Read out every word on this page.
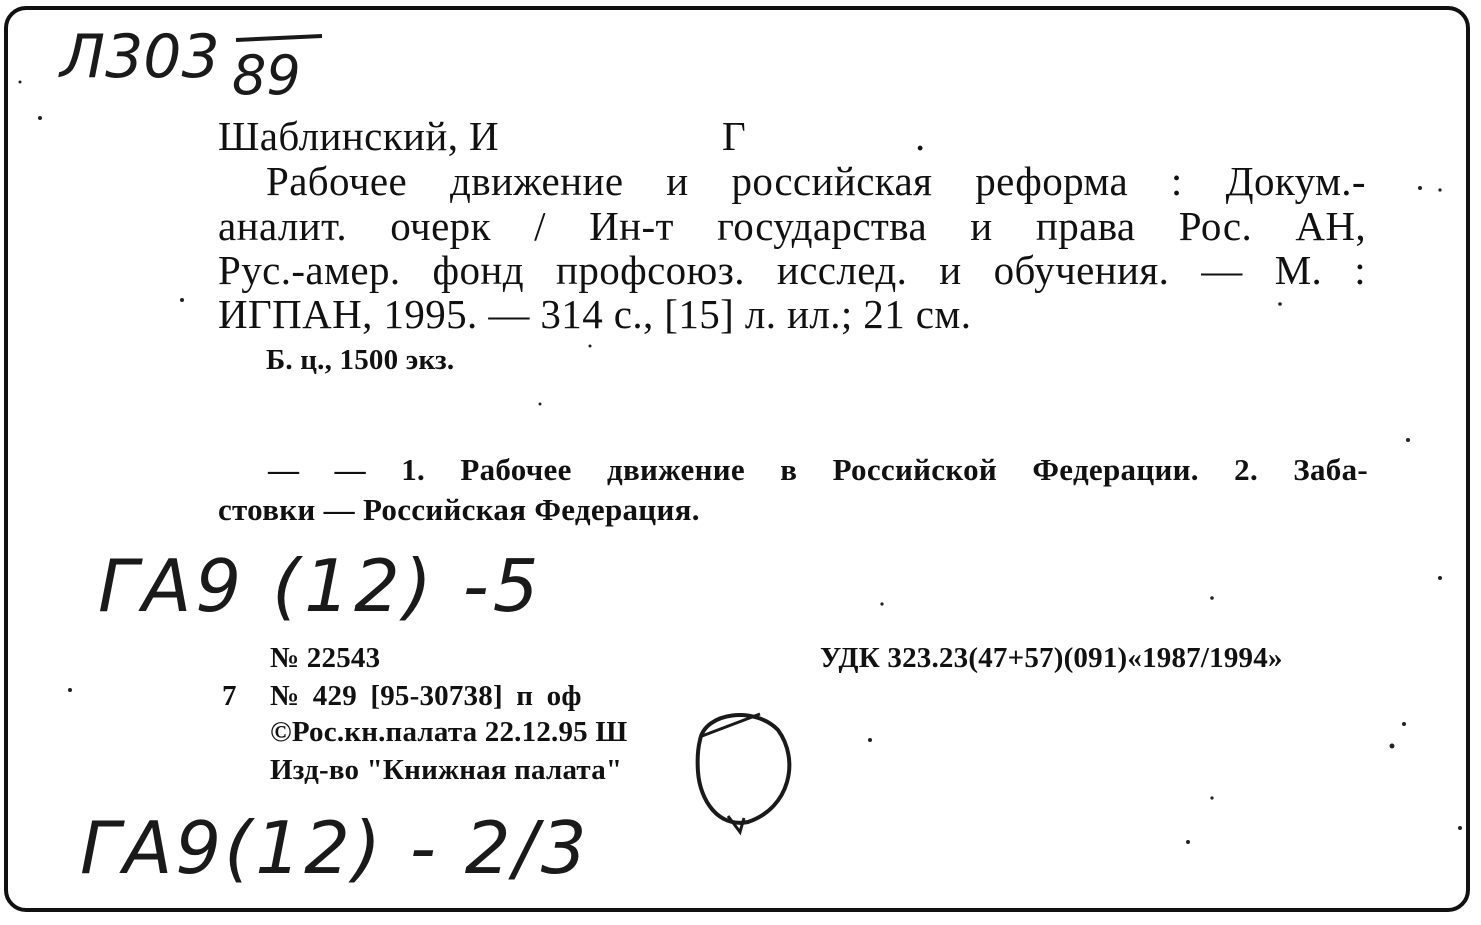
Л303 89
Шаблинский, И	Г	.
Рабочее движение и российская реформа : Докум.-
аналит. очерк / Ин-т государства и права Рос. АН,
Рус.-амер. фонд профсоюз. исслед. и обучения. — М. :
ИГПАН, 1995. — 314 с., [15] л. ил.; 21 см.
Б. ц., 1500 экз.
— — 1. Рабочее движение в Российской Федерации. 2. Заба-
стовки — Российская Федерация.
ГА9 (12) -5
№ 22543	УДК 323.23(47+57)(091)«1987/1994»
7 № 429 [95-30738] п оф
©Рос.кн.палата 22.12.95 Ш
Изд-во "Книжная палата"
ГА9(12) - 2/3
